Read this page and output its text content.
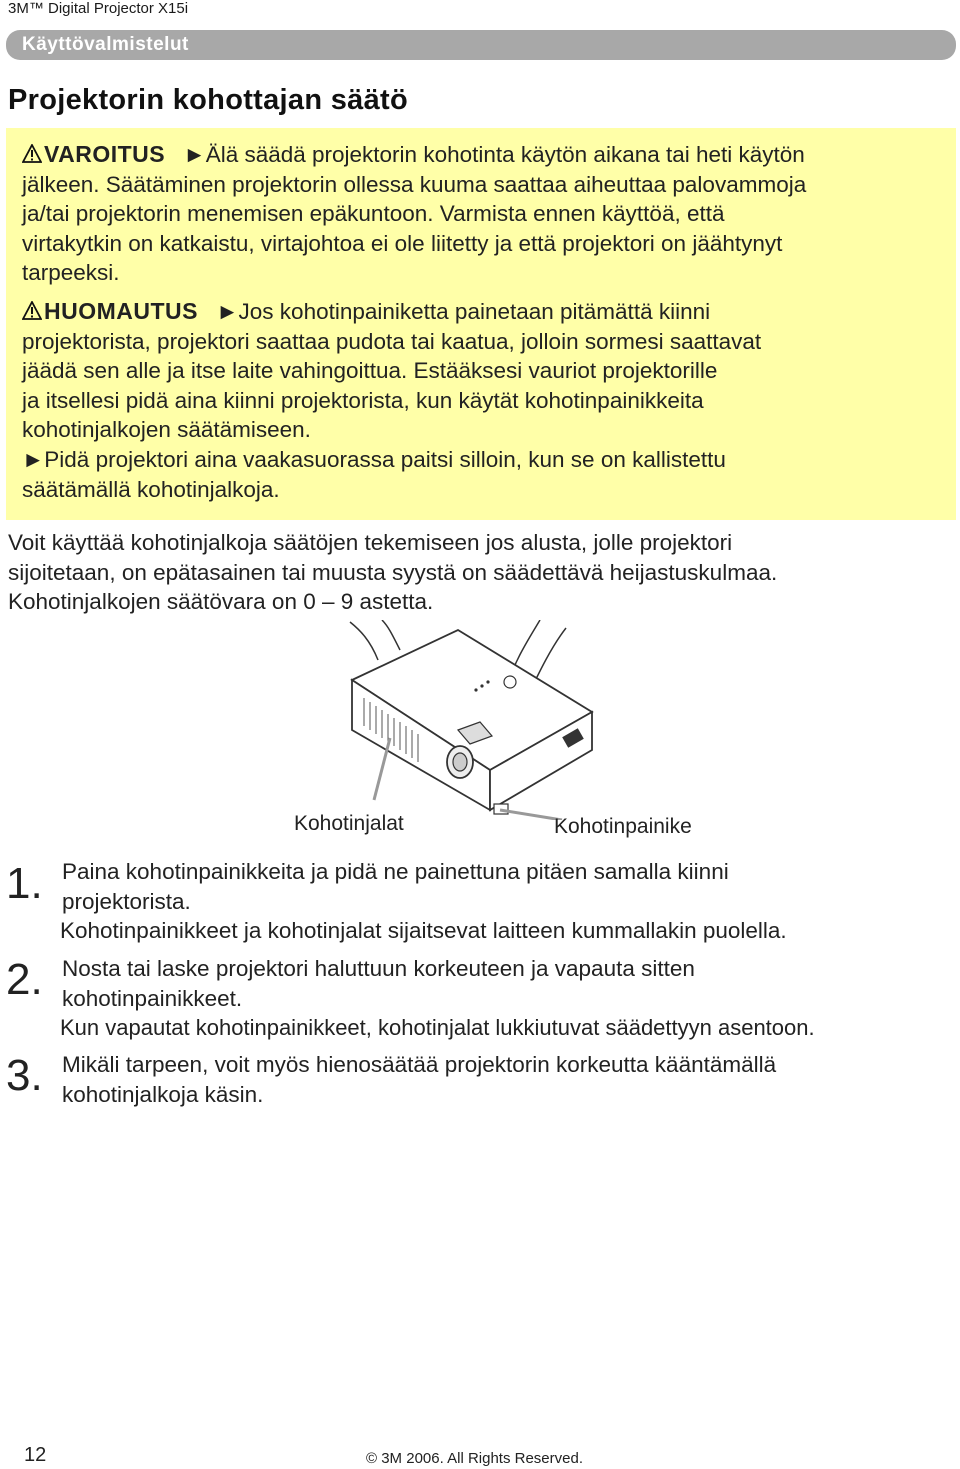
3M™ Digital Projector X15i
Käyttövalmistelut
Projektorin kohottajan säätö
VAROITUS ►Älä säädä projektorin kohotinta käytön aikana tai heti käytön
jälkeen. Säätäminen projektorin ollessa kuuma saattaa aiheuttaa palovammoja
ja/tai projektorin menemisen epäkuntoon. Varmista ennen käyttöä, että
virtakytkin on katkaistu, virtajohtoa ei ole liitetty ja että projektori on jäähtynyt
tarpeeksi.
HUOMAUTUS ►Jos kohotinpainiketta painetaan pitämättä kiinni
projektorista, projektori saattaa pudota tai kaatua, jolloin sormesi saattavat
jäädä sen alle ja itse laite vahingoittua. Estääksesi vauriot projektorille
ja itsellesi pidä aina kiinni projektorista, kun käytät kohotinpainikkeita
kohotinjalkojen säätämiseen.
►Pidä projektori aina vaakasuorassa paitsi silloin, kun se on kallistettu
säätämällä kohotinjalkoja.
Voit käyttää kohotinjalkoja säätöjen tekemiseen jos alusta, jolle projektori
sijoitetaan, on epätasainen tai muusta syystä on säädettävä heijastuskulmaa.
Kohotinjalkojen säätövara on 0 – 9 astetta.
Kohotinjalat	Kohotinpainike
1. Paina kohotinpainikkeita ja pidä ne painettuna pitäen samalla kiinni
projektorista.
Kohotinpainikkeet ja kohotinjalat sijaitsevat laitteen kummallakin puolella.
2. Nosta tai laske projektori haluttuun korkeuteen ja vapauta sitten
kohotinpainikkeet.
Kun vapautat kohotinpainikkeet, kohotinjalat lukkiutuvat säädettyyn asentoon.
3. Mikäli tarpeen, voit myös hienosäätää projektorin korkeutta kääntämällä
kohotinjalkoja käsin.
12	© 3M 2006. All Rights Reserved.
